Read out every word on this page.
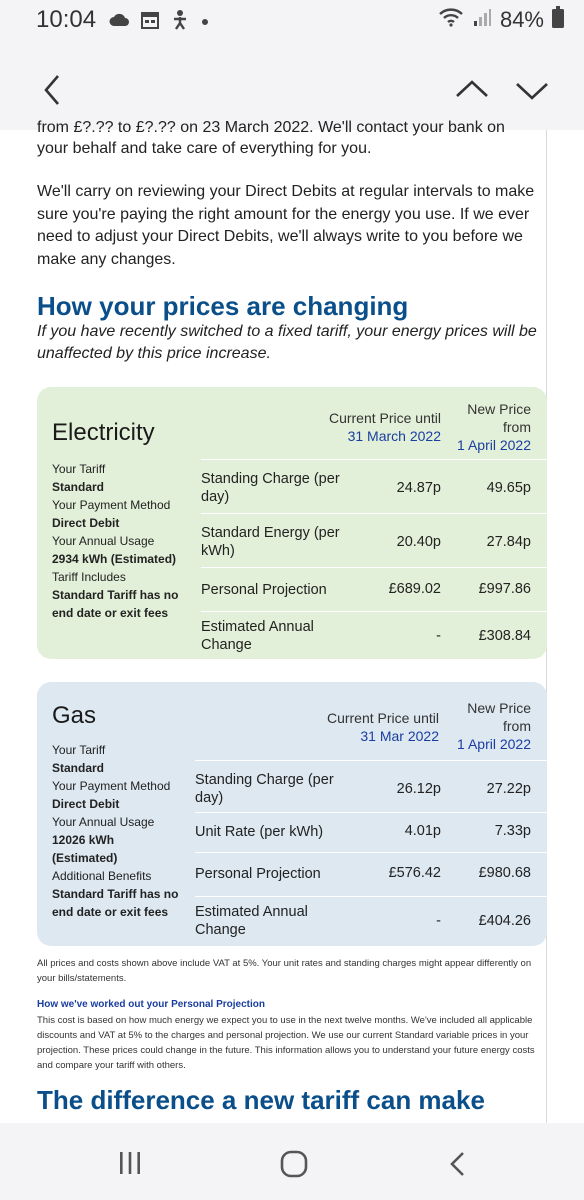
10:04	84%

from £?.?? to £?.?? on 23 March 2022. We'll contact your bank on

your behalf and take care of everything for you.

We'll carry on reviewing your Direct Debits at regular intervals to make sure you're paying the right amount for the energy you use. If we ever need to adjust your Direct Debits, we'll always write to you before we make any changes.

How your prices are changing

If you have recently switched to a fixed tariff, your energy prices will be unaffected by this price increase.

Electricity
Current Price until
31 March 2022
New Price
from
1 April 2022
Your Tariff
Standard
Your Payment Method
Direct Debit
Your Annual Usage
2934 kWh (Estimated)
Tariff Includes
Standard Tariff has no end date or exit fees
Standing Charge (per day)
24.87p	49.65p
Standard Energy (per kWh)
20.40p	27.84p
Personal Projection	£689.02	£997.86
Estimated Annual Change
-	£308.84
Gas	Current Price until
31 Mar 2022
New Price
from
1 April 2022
Your Tariff
Standard
Your Payment Method
Direct Debit
Your Annual Usage
12026 kWh (Estimated)
Additional Benefits
Standard Tariff has no end date or exit fees
Standing Charge (per day)
26.12p	27.22p
Unit Rate (per kWh)	4.01p	7.33p
Personal Projection	£576.42	£980.68
Estimated Annual Change
-	£404.26

All prices and costs shown above include VAT at 5%. Your unit rates and standing charges might appear differently on your bills/statements.

How we've worked out your Personal Projection

This cost is based on how much energy we expect you to use in the next twelve months. We've included all applicable discounts and VAT at 5% to the charges and personal projection. We use our current Standard variable prices in your projection. These prices could change in the future. This information allows you to understand your future energy costs and compare your tariff with others.

The difference a new tariff can make
